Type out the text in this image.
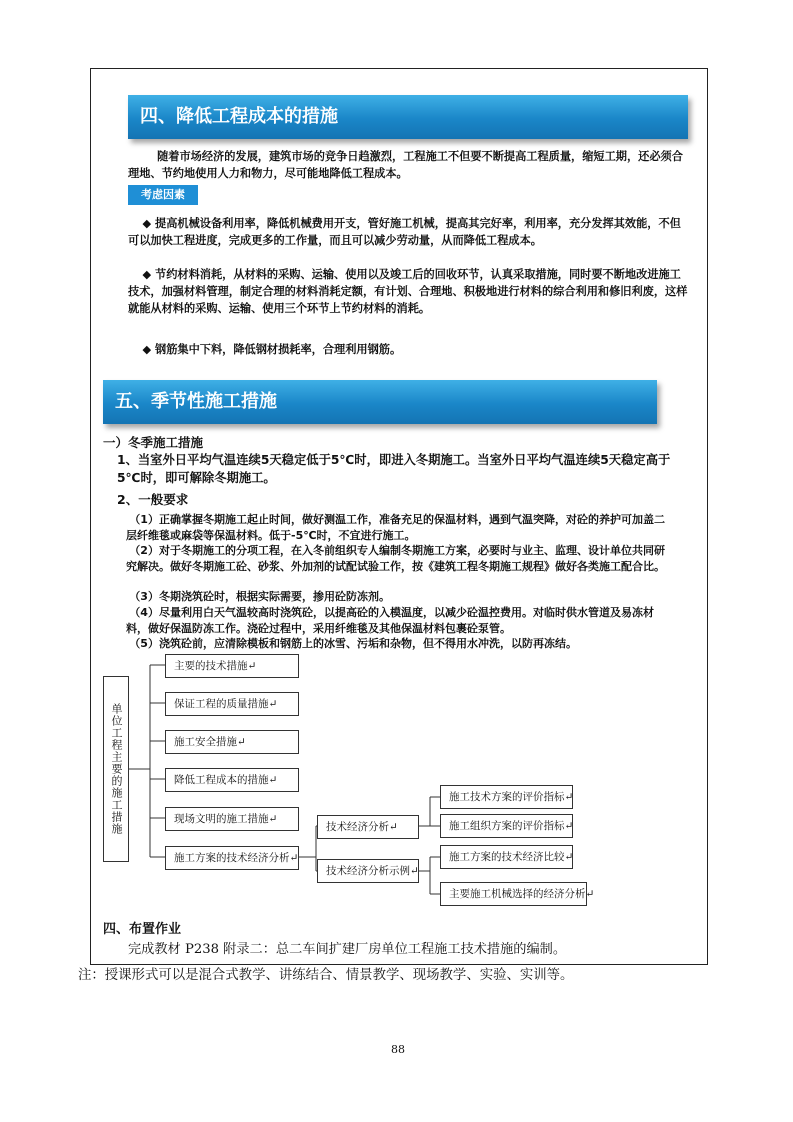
四、降低工程成本的措施
随着市场经济的发展，建筑市场的竞争日趋激烈，工程施工不但要不断提高工程质量，缩短工期，还必须合理地、节约地使用人力和物力，尽可能地降低工程成本。
考虑因素
◆ 提高机械设备利用率，降低机械费用开支，管好施工机械，提高其完好率，利用率，充分发挥其效能，不但可以加快工程进度，完成更多的工作量，而且可以减少劳动量，从而降低工程成本。
◆ 节约材料消耗，从材料的采购、运输、使用以及竣工后的回收环节，认真采取措施，同时要不断地改进施工技术，加强材料管理，制定合理的材料消耗定额，有计划、合理地、积极地进行材料的综合利用和修旧利废，这样就能从材料的采购、运输、使用三个环节上节约材料的消耗。
◆ 钢筋集中下料，降低钢材损耗率，合理利用钢筋。
五、季节性施工措施
一）冬季施工措施
1、当室外日平均气温连续5天稳定低于5℃时，即进入冬期施工。当室外日平均气温连续5天稳定高于5℃时，即可解除冬期施工。
2、一般要求
（1）正确掌握冬期施工起止时间，做好测温工作，准备充足的保温材料，遇到气温突降，对砼的养护可加盖二层纤维毯或麻袋等保温材料。低于-5℃时，不宜进行施工。
（2）对于冬期施工的分项工程，在入冬前组织专人编制冬期施工方案，必要时与业主、监理、设计单位共同研究解决。做好冬期施工砼、砂浆、外加剂的试配试验工作，按《建筑工程冬期施工规程》做好各类施工配合比。
（3）冬期浇筑砼时，根据实际需要，掺用砼防冻剂。
（4）尽量利用白天气温较高时浇筑砼，以提高砼的入模温度，以减少砼温控费用。对临时供水管道及易冻材料，做好保温防冻工作。浇砼过程中，采用纤维毯及其他保温材料包裹砼泵管。
（5）浇筑砼前，应清除模板和钢筋上的冰雪、污垢和杂物，但不得用水冲洗，以防再冻结。
单位工程主要的施工措施
主要的技术措施↵
保证工程的质量措施↵
施工安全措施↵
降低工程成本的措施↵
现场文明的施工措施↵
施工方案的技术经济分析↵
技术经济分析↵
技术经济分析示例↵
施工技术方案的评价指标↵
施工组织方案的评价指标↵
施工方案的技术经济比较↵
主要施工机械选择的经济分析↵
四、布置作业
完成教材 P238 附录二：总二车间扩建厂房单位工程施工技术措施的编制。
注：授课形式可以是混合式教学、讲练结合、情景教学、现场教学、实验、实训等。
88
